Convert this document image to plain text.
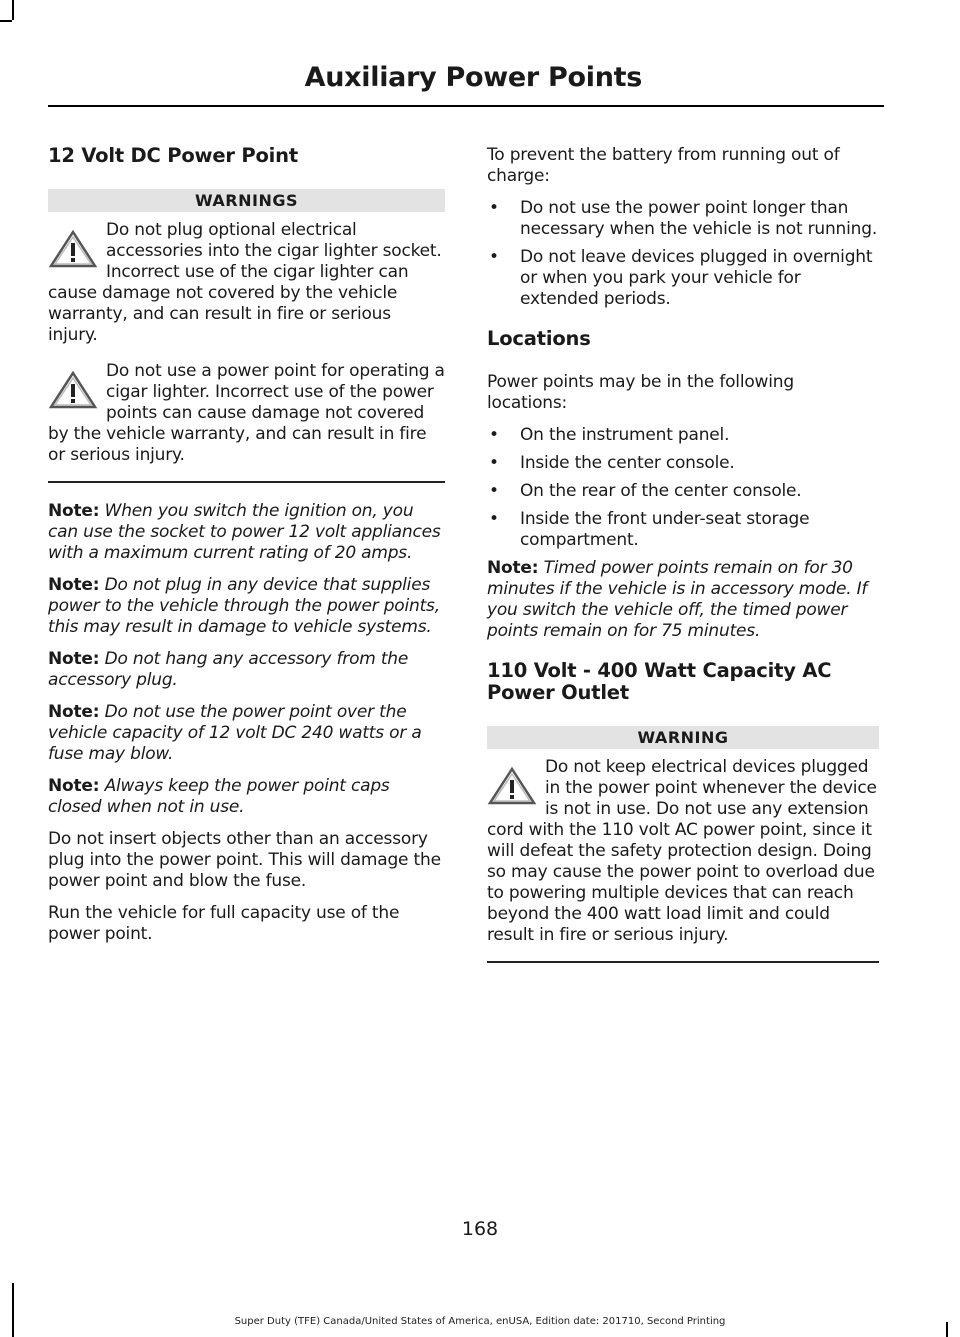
Auxiliary Power Points
12 Volt DC Power Point
WARNINGS
Do not plug optional electrical accessories into the cigar lighter socket. Incorrect use of the cigar lighter can cause damage not covered by the vehicle warranty, and can result in fire or serious injury.
Do not use a power point for operating a cigar lighter. Incorrect use of the power points can cause damage not covered by the vehicle warranty, and can result in fire or serious injury.

Note: When you switch the ignition on, you can use the socket to power 12 volt appliances with a maximum current rating of 20 amps.

Note: Do not plug in any device that supplies power to the vehicle through the power points, this may result in damage to vehicle systems.

Note: Do not hang any accessory from the accessory plug.

Note: Do not use the power point over the vehicle capacity of 12 volt DC 240 watts or a fuse may blow.

Note: Always keep the power point caps closed when not in use.

Do not insert objects other than an accessory plug into the power point. This will damage the power point and blow the fuse.

Run the vehicle for full capacity use of the power point.

To prevent the battery from running out of charge:

• Do not use the power point longer than necessary when the vehicle is not running.
• Do not leave devices plugged in overnight or when you park your vehicle for extended periods.
Locations

Power points may be in the following locations:

• On the instrument panel.
• Inside the center console.
• On the rear of the center console.
• Inside the front under-seat storage compartment.

Note: Timed power points remain on for 30 minutes if the vehicle is in accessory mode. If you switch the vehicle off, the timed power points remain on for 75 minutes.

110 Volt - 400 Watt Capacity AC Power Outlet
WARNING
Do not keep electrical devices plugged in the power point whenever the device is not in use. Do not use any extension cord with the 110 volt AC power point, since it will defeat the safety protection design. Doing so may cause the power point to overload due to powering multiple devices that can reach beyond the 400 watt load limit and could result in fire or serious injury.
168
Super Duty (TFE) Canada/United States of America, enUSA, Edition date: 201710, Second Printing
